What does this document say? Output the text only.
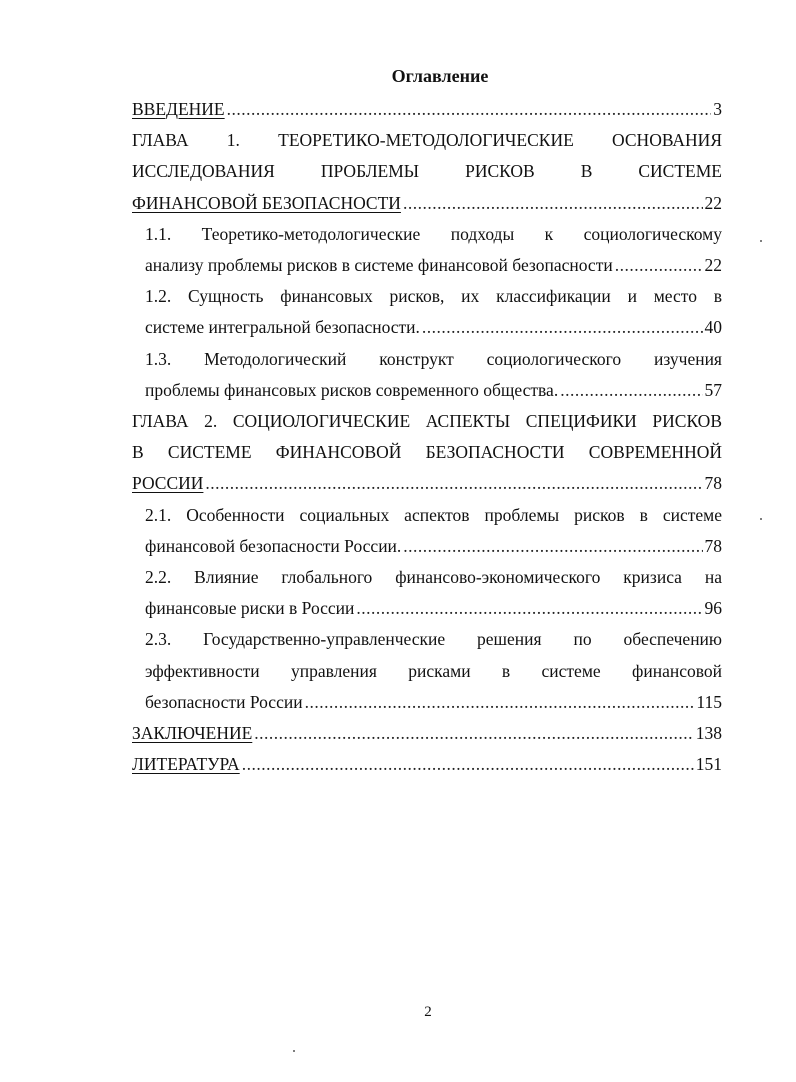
Оглавление
ВВЕДЕНИЕ .....	3
ГЛАВА 1. ТЕОРЕТИКО-МЕТОДОЛОГИЧЕСКИЕ ОСНОВАНИЯ
ИССЛЕДОВАНИЯ ПРОБЛЕМЫ РИСКОВ В СИСТЕМЕ
ФИНАНСОВОЙ БЕЗОПАСНОСТИ .....	22
1.1. Теоретико-методологические подходы к социологическому
анализу проблемы рисков в системе финансовой безопасности .....	22
1.2. Сущность финансовых рисков, их классификации и место в
системе интегральной безопасности. .....	40
1.3. Методологический конструкт социологического изучения
проблемы финансовых рисков современного общества. .....	57
ГЛАВА 2. СОЦИОЛОГИЧЕСКИЕ АСПЕКТЫ СПЕЦИФИКИ РИСКОВ
В СИСТЕМЕ ФИНАНСОВОЙ БЕЗОПАСНОСТИ СОВРЕМЕННОЙ
РОССИИ .....	78
2.1. Особенности социальных аспектов проблемы рисков в системе
финансовой безопасности России. .....	78
2.2. Влияние глобального финансово-экономического кризиса на
финансовые риски в России .....	96
2.3. Государственно-управленческие решения по обеспечению
эффективности управления рисками в системе финансовой
безопасности России .....	115
ЗАКЛЮЧЕНИЕ .....	138
ЛИТЕРАТУРА .....	151
2
